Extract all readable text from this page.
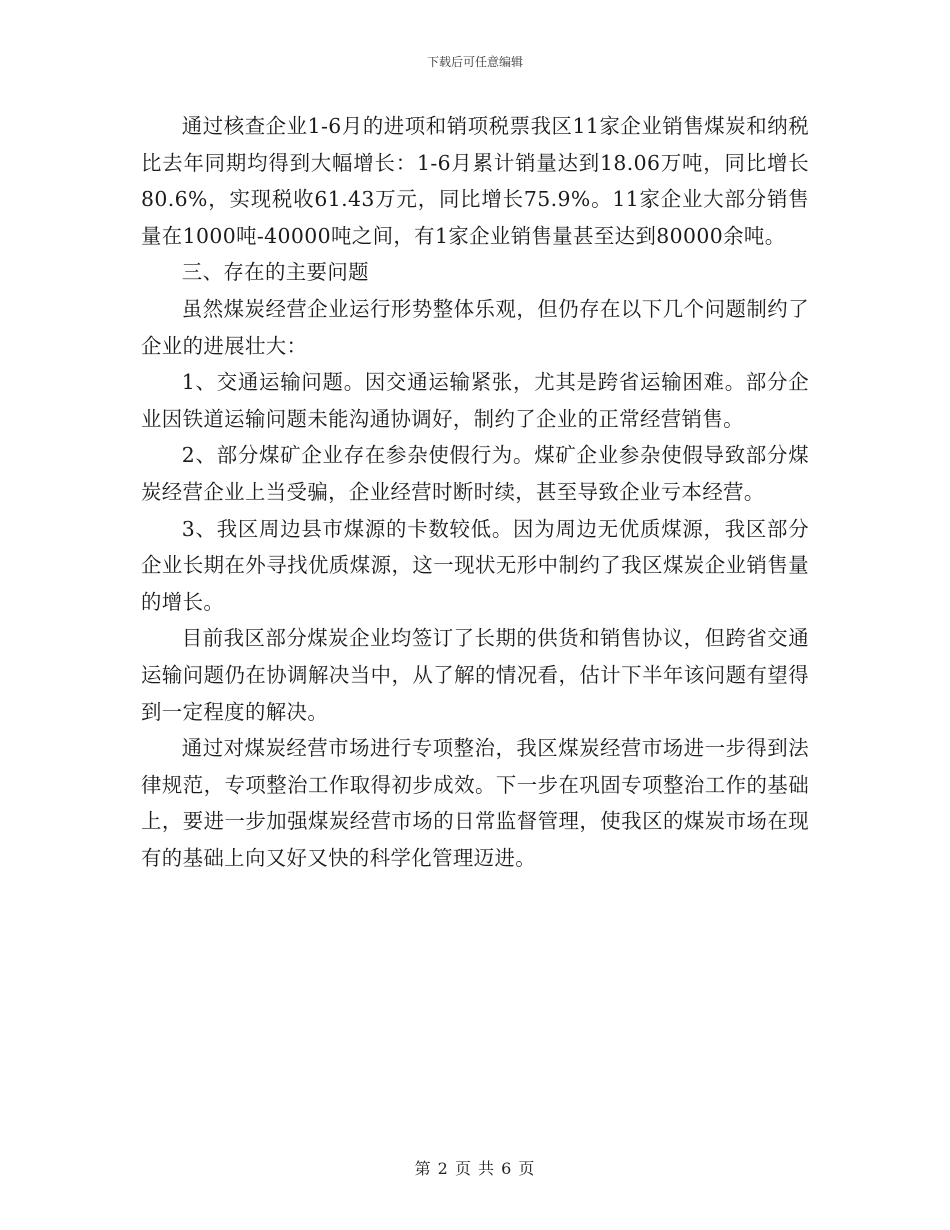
下载后可任意编辑

通过核查企业1-6月的进项和销项税票我区11家企业销售煤炭和纳税比去年同期均得到大幅增长：1-6月累计销量达到18.06万吨，同比增长80.6%，实现税收61.43万元，同比增长75.9%。11家企业大部分销售量在1000吨-40000吨之间，有1家企业销售量甚至达到80000余吨。

三、存在的主要问题

虽然煤炭经营企业运行形势整体乐观，但仍存在以下几个问题制约了企业的进展壮大：

1、交通运输问题。因交通运输紧张，尤其是跨省运输困难。部分企业因铁道运输问题未能沟通协调好，制约了企业的正常经营销售。

2、部分煤矿企业存在参杂使假行为。煤矿企业参杂使假导致部分煤炭经营企业上当受骗，企业经营时断时续，甚至导致企业亏本经营。

3、我区周边县市煤源的卡数较低。因为周边无优质煤源，我区部分企业长期在外寻找优质煤源，这一现状无形中制约了我区煤炭企业销售量的增长。

目前我区部分煤炭企业均签订了长期的供货和销售协议，但跨省交通运输问题仍在协调解决当中，从了解的情况看，估计下半年该问题有望得到一定程度的解决。

通过对煤炭经营市场进行专项整治，我区煤炭经营市场进一步得到法律规范，专项整治工作取得初步成效。下一步在巩固专项整治工作的基础上，要进一步加强煤炭经营市场的日常监督管理，使我区的煤炭市场在现有的基础上向又好又快的科学化管理迈进。

第 2 页 共 6 页
